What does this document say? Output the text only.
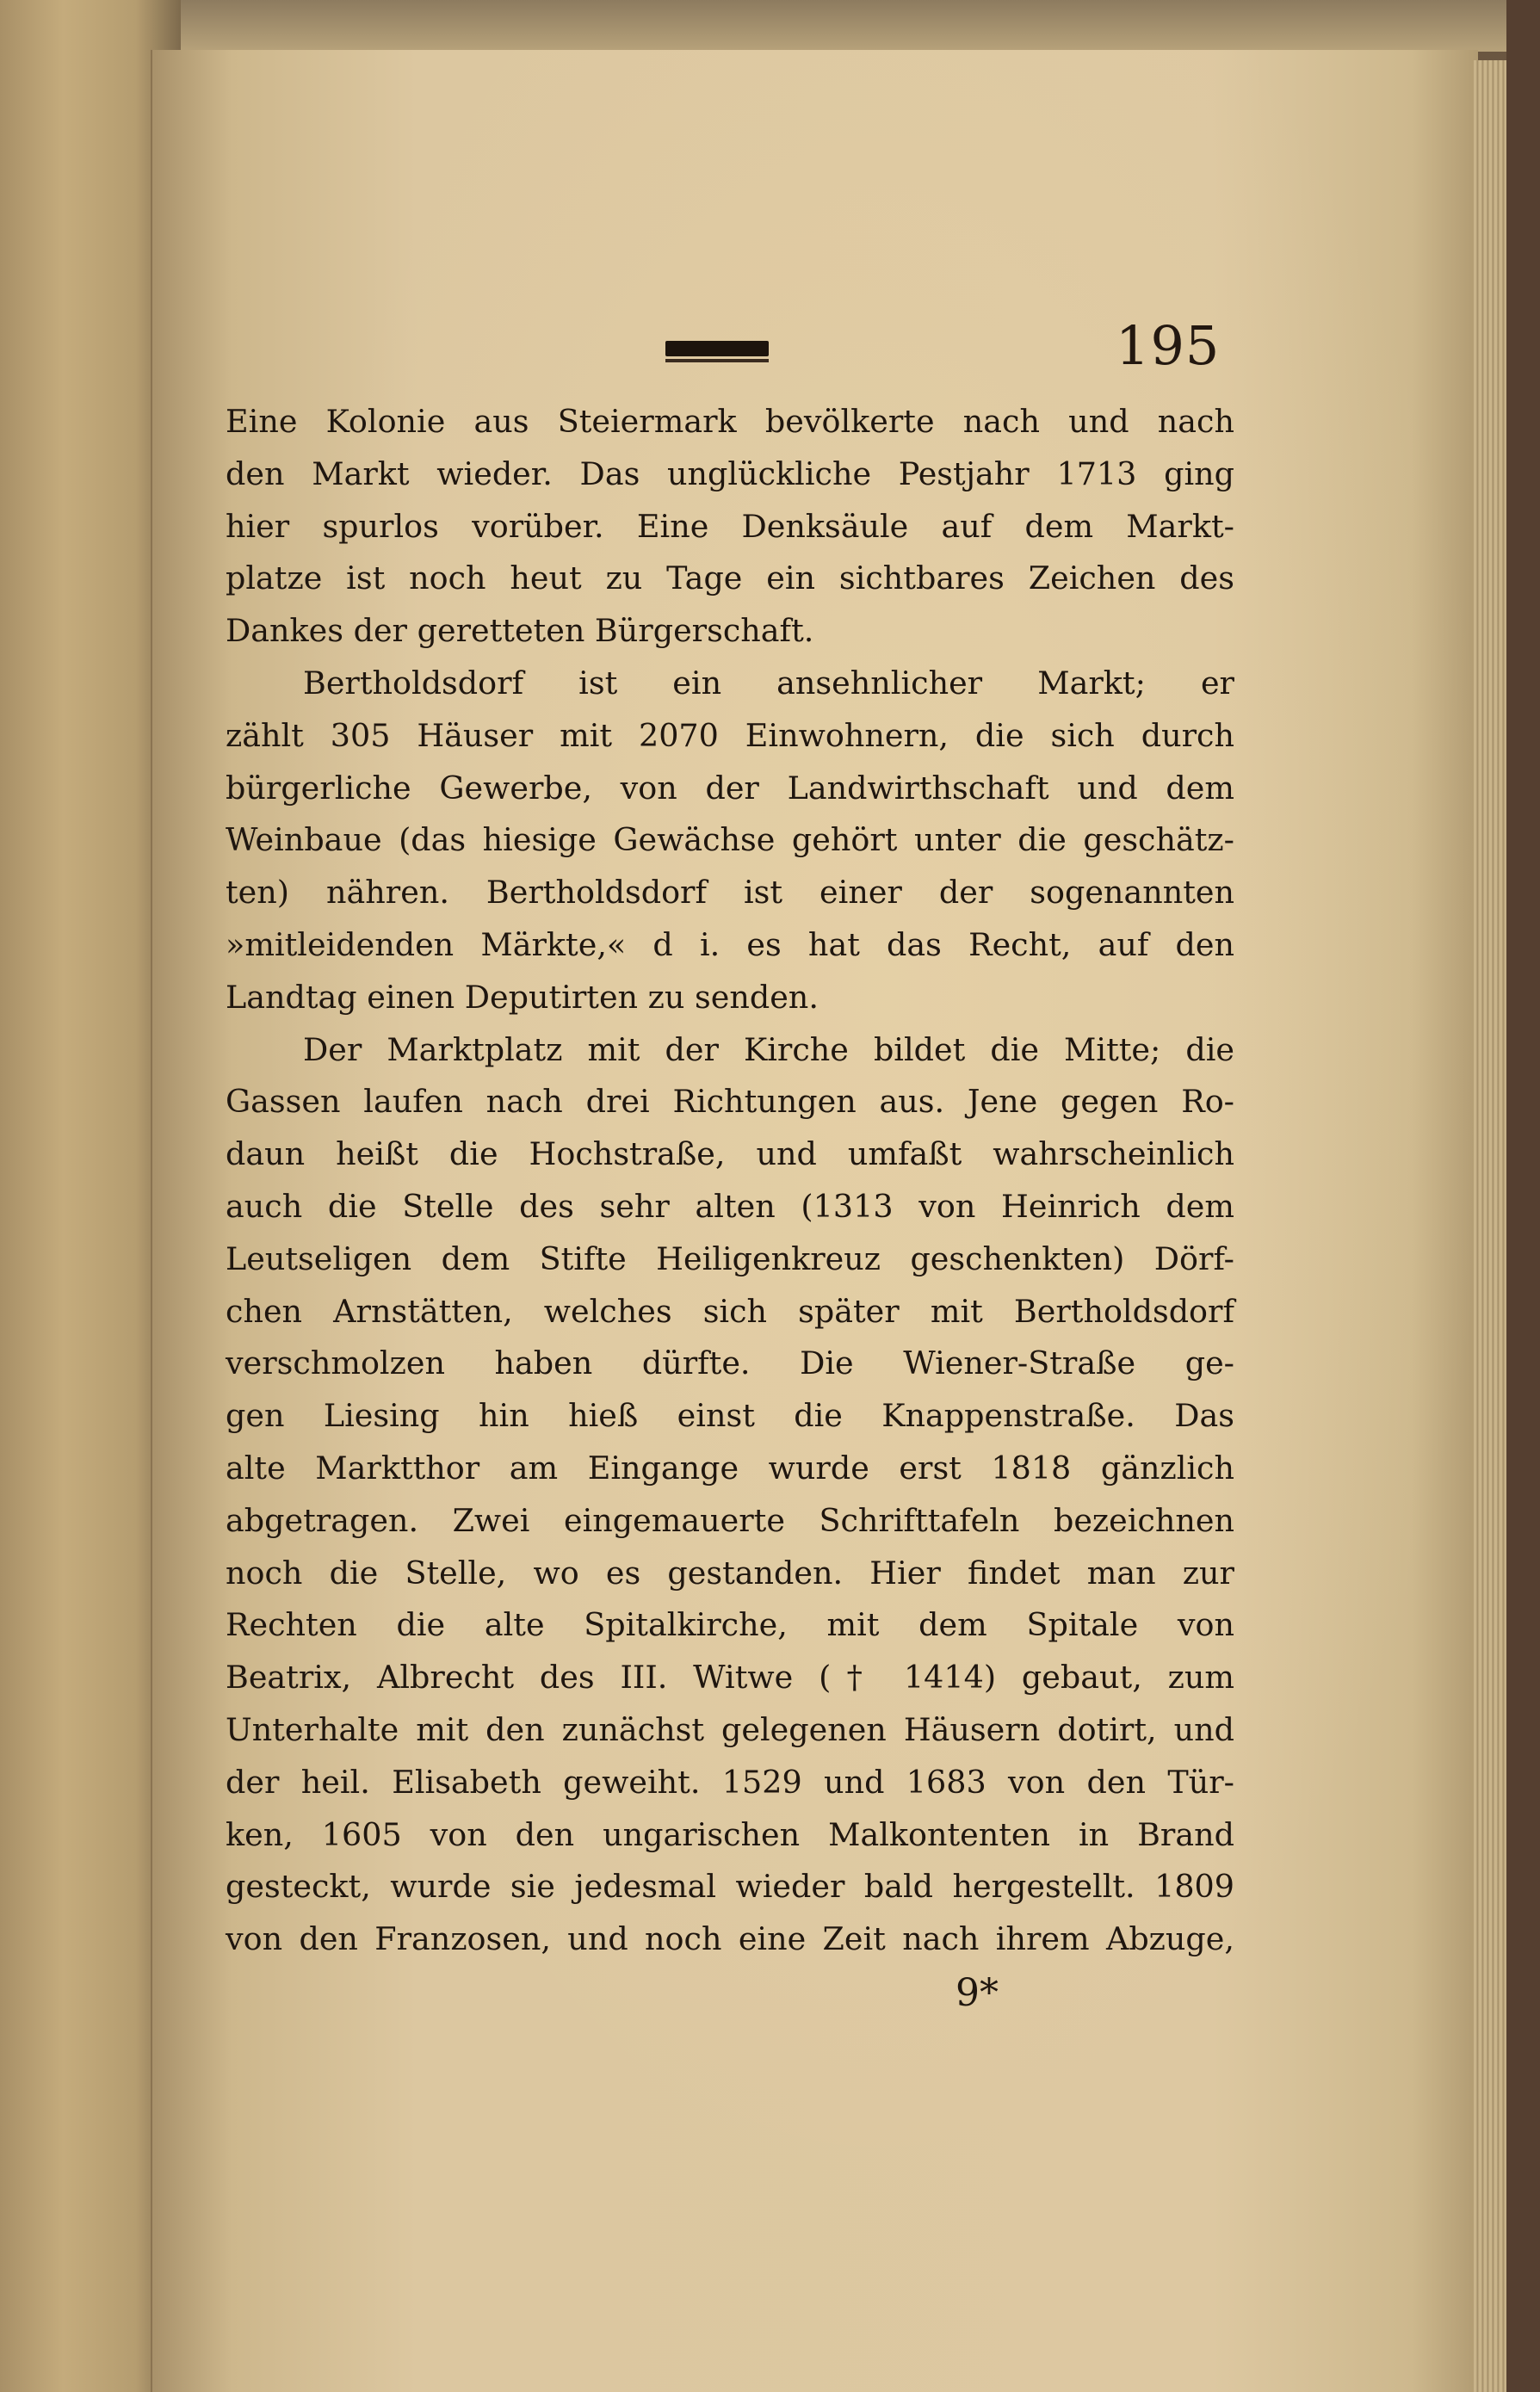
195
Eine Kolonie aus Steiermark bevölkerte nach und nach
den Markt wieder. Das unglückliche Pestjahr 1713 ging
hier spurlos vorüber. Eine Denksäule auf dem Markt-
platze ist noch heut zu Tage ein sichtbares Zeichen des
Dankes der geretteten Bürgerschaft.
Bertholdsdorf ist ein ansehnlicher Markt; er
zählt 305 Häuser mit 2070 Einwohnern, die sich durch
bürgerliche Gewerbe, von der Landwirthschaft und dem
Weinbaue (das hiesige Gewächse gehört unter die geschätz-
ten) nähren. Bertholdsdorf ist einer der sogenannten
»mitleidenden Märkte,« d i. es hat das Recht, auf den
Landtag einen Deputirten zu senden.
Der Marktplatz mit der Kirche bildet die Mitte; die
Gassen laufen nach drei Richtungen aus. Jene gegen Ro-
daun heißt die Hochstraße, und umfaßt wahrscheinlich
auch die Stelle des sehr alten (1313 von Heinrich dem
Leutseligen dem Stifte Heiligenkreuz geschenkten) Dörf-
chen Arnstätten, welches sich später mit Bertholdsdorf
verschmolzen haben dürfte. Die Wiener-Straße ge-
gen Liesing hin hieß einst die Knappenstraße. Das
alte Marktthor am Eingange wurde erst 1818 gänzlich
abgetragen. Zwei eingemauerte Schrifttafeln bezeichnen
noch die Stelle, wo es gestanden. Hier findet man zur
Rechten die alte Spitalkirche, mit dem Spitale von
Beatrix, Albrecht des III. Witwe († 1414) gebaut, zum
Unterhalte mit den zunächst gelegenen Häusern dotirt, und
der heil. Elisabeth geweiht. 1529 und 1683 von den Tür-
ken, 1605 von den ungarischen Malkontenten in Brand
gesteckt, wurde sie jedesmal wieder bald hergestellt. 1809
von den Franzosen, und noch eine Zeit nach ihrem Abzuge,
9*
